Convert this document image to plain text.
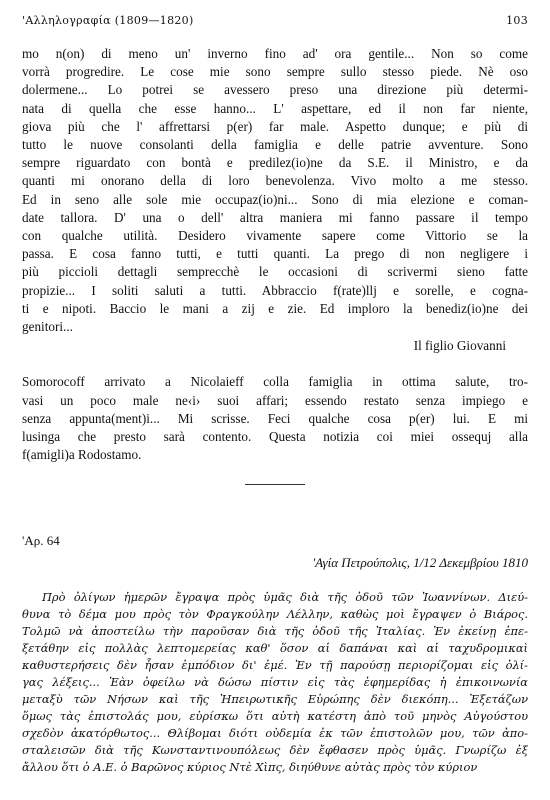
'Αλληλογραφία (1809—1820)	103
mo n(on) di meno un' inverno fino ad' ora gentile... Non so come
vorrà progredire. Le cose mie sono sempre sullo stesso piede. Nè oso
dolermene... Lo potrei se avessero preso una direzione più determi-
nata di quella che esse hanno... L' aspettare, ed il non far niente,
giova più che l' affrettarsi p(er) far male. Aspetto dunque; e più di
tutto le nuove consolanti della famiglia e delle patrie avventure. Sono
sempre riguardato con bontà e predilez(io)ne da S.E. il Ministro, e da
quanti mi onorano della di loro benevolenza. Vivo molto a me stesso.
Ed in seno alle sole mie occupaz(io)ni... Sono di mia elezione e coman-
date tallora. D' una o dell' altra maniera mi fanno passare il tempo
con qualche utilità. Desidero vivamente sapere come Vittorio se la
passa. E cosa fanno tutti, e tutti quanti. La prego di non negligere i
più piccioli dettagli semprecchè le occasioni di scrivermi sieno fatte
propizie... I soliti saluti a tutti. Abbraccio f(rate)llj e sorelle, e cogna-
ti e nipoti. Baccio le mani a zij e zie. Ed imploro la benediz(io)ne dei
genitori...
Il figlio Giovanni
Somorocoff arrivato a Nicolaieff colla famiglia in ottima salute, tro-
vasi un poco male ne‹i› suoi affari; essendo restato senza impiego e
senza appunta(ment)i... Mi scrisse. Feci qualche cosa p(er) lui. E mi
lusinga che presto sarà contento. Questa notizia coi miei ossequj alla
f(amigli)a Rodostamo.
'Αρ. 64
'Αγία Πετρούπολις, 1/12 Δεκεμβρίου 1810
Πρὸ ὀλίγων ἡμερῶν ἔγραψα πρὸς ὑμᾶς διὰ τῆς ὁδοῦ τῶν Ἰωαννίνων. Διεύ-
θυνα τὸ δέμα μου πρὸς τὸν Φραγκούλην Λέλλην, καθὼς μοὶ ἔγραψεν ὁ Βιάρος.
Τολμῶ νὰ ἀποστείλω τὴν παροῦσαν διὰ τῆς ὁδοῦ τῆς Ἰταλίας. Ἐν ἐκείνῃ ἐπε-
ξετάθην εἰς πολλὰς λεπτομερείας καθ' ὅσον αἱ δαπάναι καὶ αἱ ταχυδρομικαὶ
καθυστερήσεις δὲν ἦσαν ἐμπόδιον δι' ἐμέ. Ἐν τῇ παρούσῃ περιορίζομαι εἰς ὀλί-
γας λέξεις... Ἐὰν ὀφείλω νὰ δώσω πίστιν εἰς τὰς ἐφημερίδας ἡ ἐπικοινωνία
μεταξὺ τῶν Νήσων καὶ τῆς Ἠπειρωτικῆς Εὐρώπης δὲν διεκόπη... Ἐξετάζων
ὅμως τὰς ἐπιστολάς μου, εὑρίσκω ὅτι αὐτὴ κατέστη ἀπὸ τοῦ μηνὸς Αὐγούστου
σχεδὸν ἀκατόρθωτος... Θλίβομαι διότι οὐδεμία ἐκ τῶν ἐπιστολῶν μου, τῶν ἀπο-
σταλεισῶν διὰ τῆς Κωνσταντινουπόλεως δὲν ἔφθασεν πρὸς ὑμᾶς. Γνωρίζω ἐξ
ἄλλου ὅτι ὁ Α.Ε. ὁ Βαρῶνος κύριος Ντὲ Χὶπς, διηύθυνε αὐτὰς πρὸς τὸν κύριον
